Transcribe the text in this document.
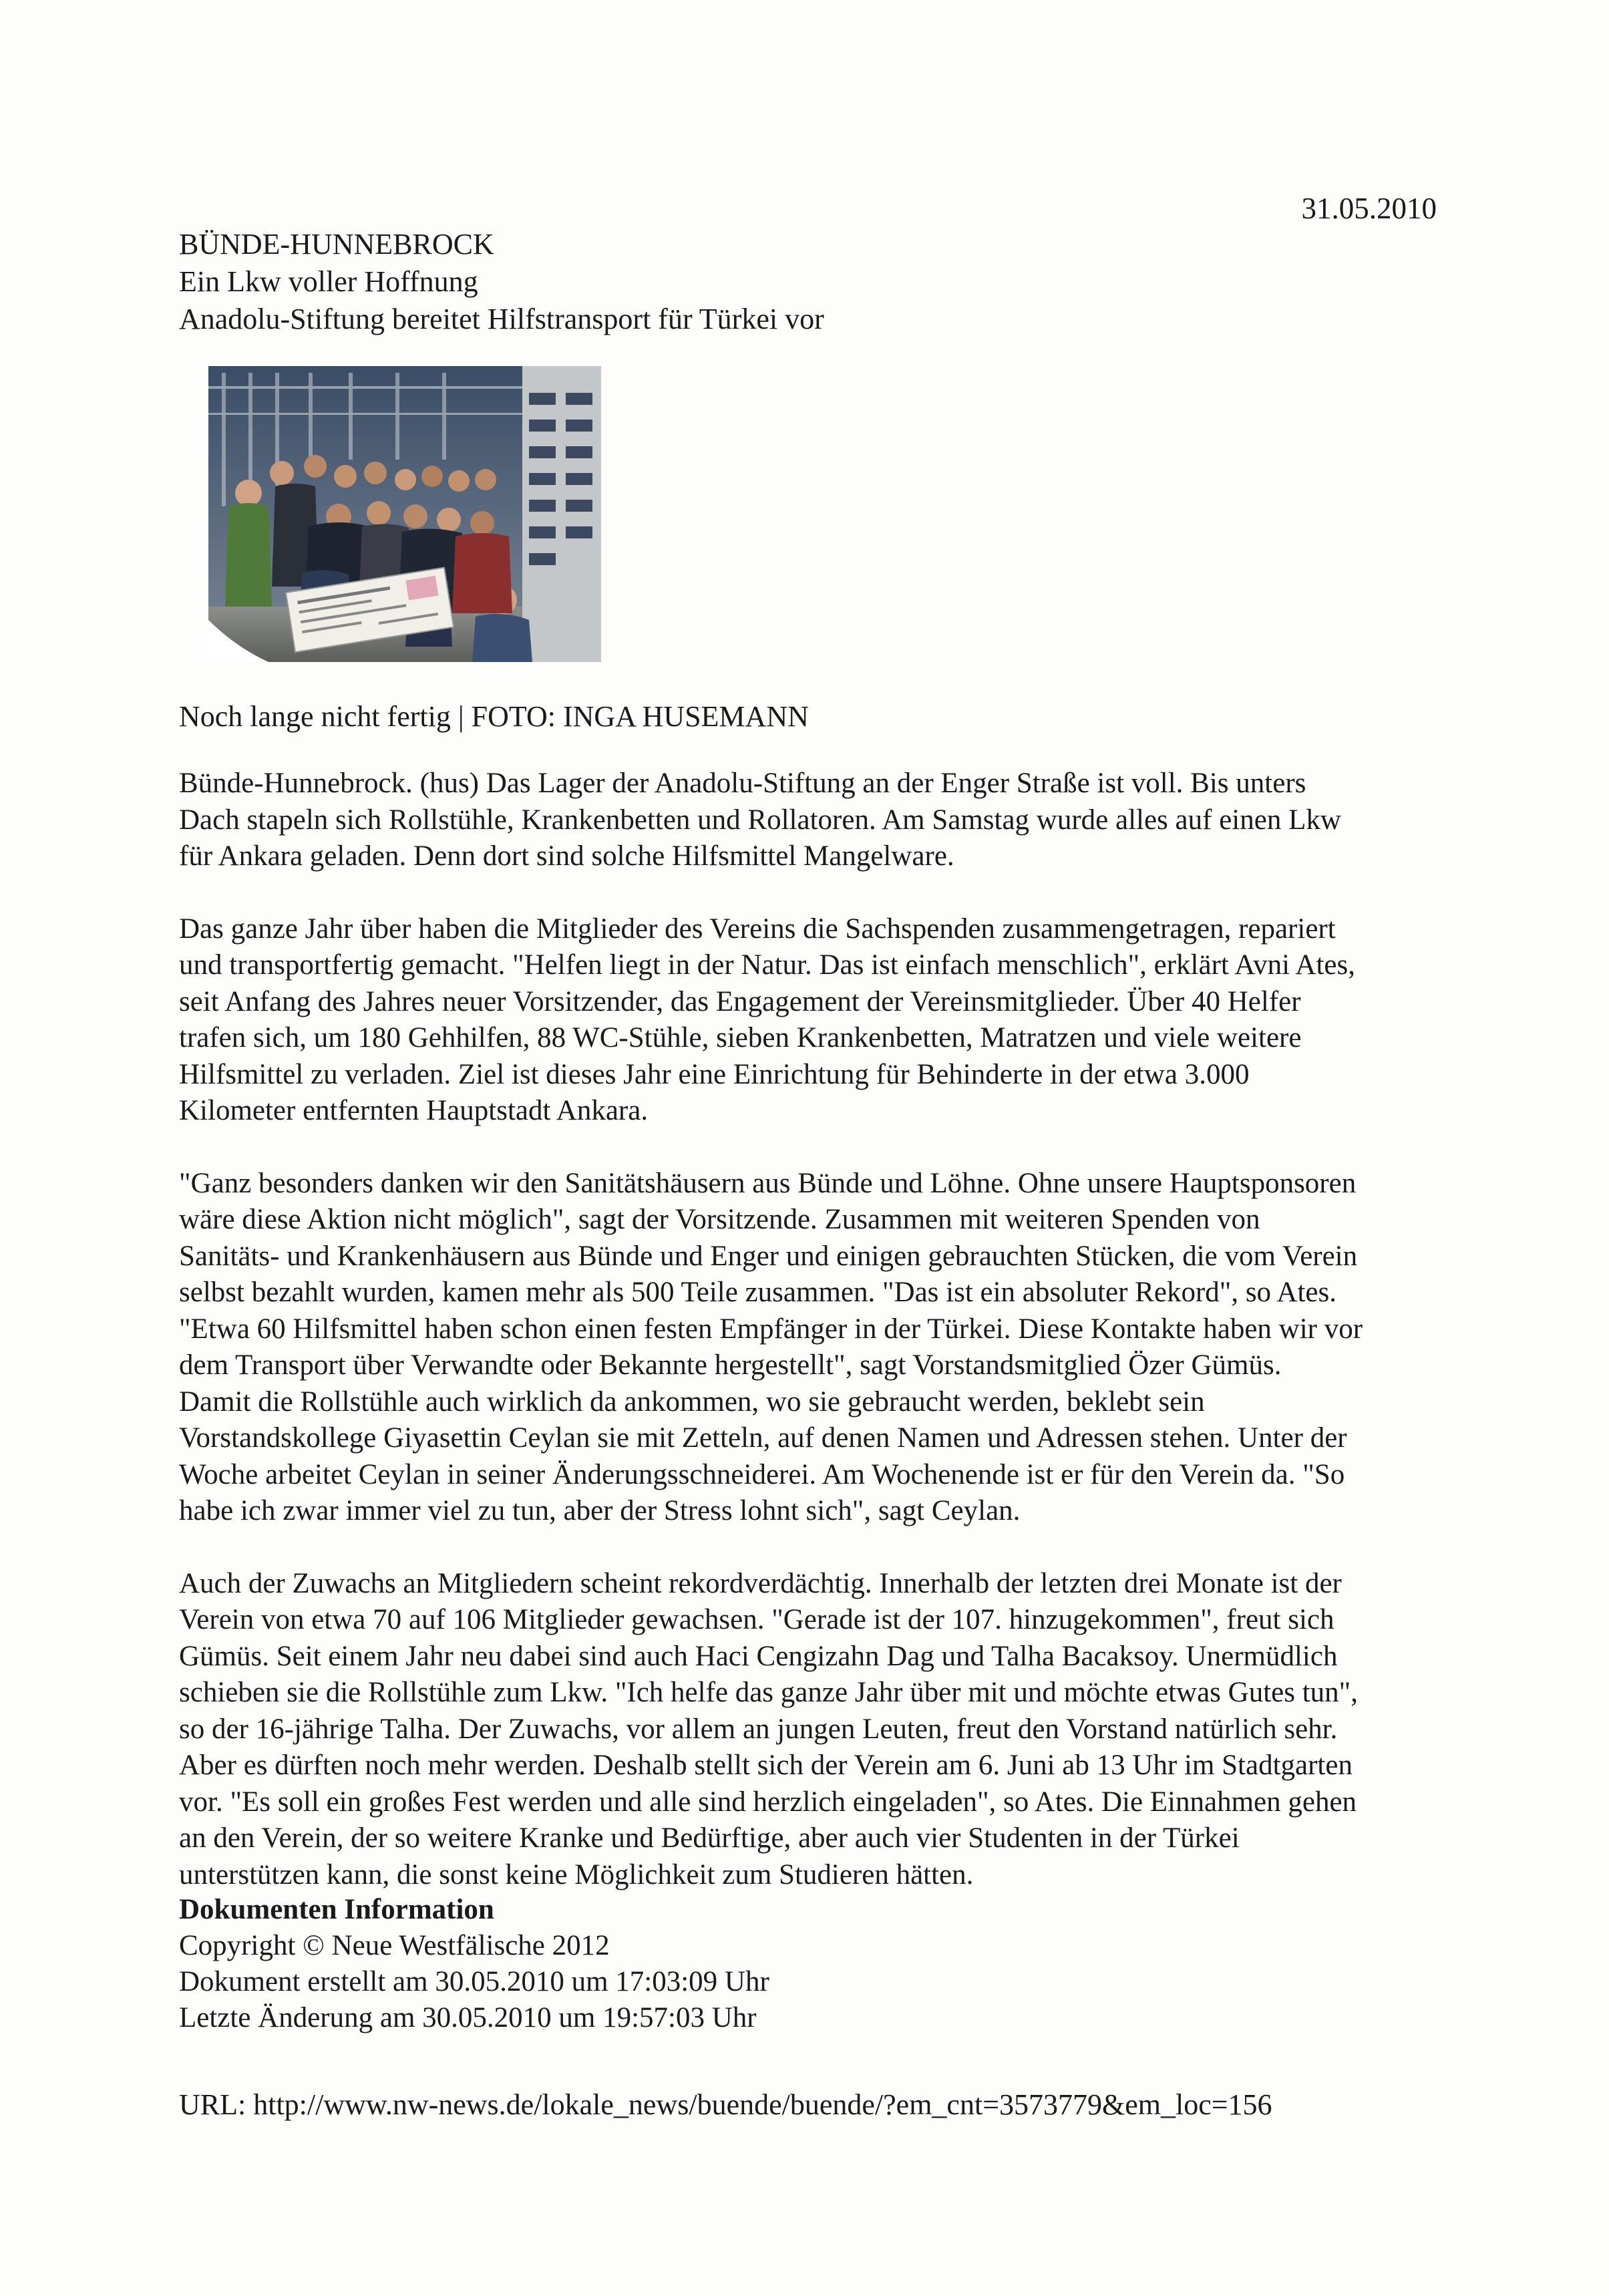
31.05.2010
BÜNDE-HUNNEBROCK
Ein Lkw voller Hoffnung
Anadolu-Stiftung bereitet Hilfstransport für Türkei vor
Noch lange nicht fertig | FOTO: INGA HUSEMANN
Bünde-Hunnebrock. (hus) Das Lager der Anadolu-Stiftung an der Enger Straße ist voll. Bis unters
Dach stapeln sich Rollstühle, Krankenbetten und Rollatoren. Am Samstag wurde alles auf einen Lkw
für Ankara geladen. Denn dort sind solche Hilfsmittel Mangelware.
Das ganze Jahr über haben die Mitglieder des Vereins die Sachspenden zusammengetragen, repariert
und transportfertig gemacht. "Helfen liegt in der Natur. Das ist einfach menschlich", erklärt Avni Ates,
seit Anfang des Jahres neuer Vorsitzender, das Engagement der Vereinsmitglieder. Über 40 Helfer
trafen sich, um 180 Gehhilfen, 88 WC-Stühle, sieben Krankenbetten, Matratzen und viele weitere
Hilfsmittel zu verladen. Ziel ist dieses Jahr eine Einrichtung für Behinderte in der etwa 3.000
Kilometer entfernten Hauptstadt Ankara.
"Ganz besonders danken wir den Sanitätshäusern aus Bünde und Löhne. Ohne unsere Hauptsponsoren
wäre diese Aktion nicht möglich", sagt der Vorsitzende. Zusammen mit weiteren Spenden von
Sanitäts- und Krankenhäusern aus Bünde und Enger und einigen gebrauchten Stücken, die vom Verein
selbst bezahlt wurden, kamen mehr als 500 Teile zusammen. "Das ist ein absoluter Rekord", so Ates.
"Etwa 60 Hilfsmittel haben schon einen festen Empfänger in der Türkei. Diese Kontakte haben wir vor
dem Transport über Verwandte oder Bekannte hergestellt", sagt Vorstandsmitglied Özer Gümüs.
Damit die Rollstühle auch wirklich da ankommen, wo sie gebraucht werden, beklebt sein
Vorstandskollege Giyasettin Ceylan sie mit Zetteln, auf denen Namen und Adressen stehen. Unter der
Woche arbeitet Ceylan in seiner Änderungsschneiderei. Am Wochenende ist er für den Verein da. "So
habe ich zwar immer viel zu tun, aber der Stress lohnt sich", sagt Ceylan.
Auch der Zuwachs an Mitgliedern scheint rekordverdächtig. Innerhalb der letzten drei Monate ist der
Verein von etwa 70 auf 106 Mitglieder gewachsen. "Gerade ist der 107. hinzugekommen", freut sich
Gümüs. Seit einem Jahr neu dabei sind auch Haci Cengizahn Dag und Talha Bacaksoy. Unermüdlich
schieben sie die Rollstühle zum Lkw. "Ich helfe das ganze Jahr über mit und möchte etwas Gutes tun",
so der 16-jährige Talha. Der Zuwachs, vor allem an jungen Leuten, freut den Vorstand natürlich sehr.
Aber es dürften noch mehr werden. Deshalb stellt sich der Verein am 6. Juni ab 13 Uhr im Stadtgarten
vor. "Es soll ein großes Fest werden und alle sind herzlich eingeladen", so Ates. Die Einnahmen gehen
an den Verein, der so weitere Kranke und Bedürftige, aber auch vier Studenten in der Türkei
unterstützen kann, die sonst keine Möglichkeit zum Studieren hätten.
Dokumenten Information
Copyright © Neue Westfälische 2012
Dokument erstellt am 30.05.2010 um 17:03:09 Uhr
Letzte Änderung am 30.05.2010 um 19:57:03 Uhr
URL: http://www.nw-news.de/lokale_news/buende/buende/?em_cnt=3573779&em_loc=156
